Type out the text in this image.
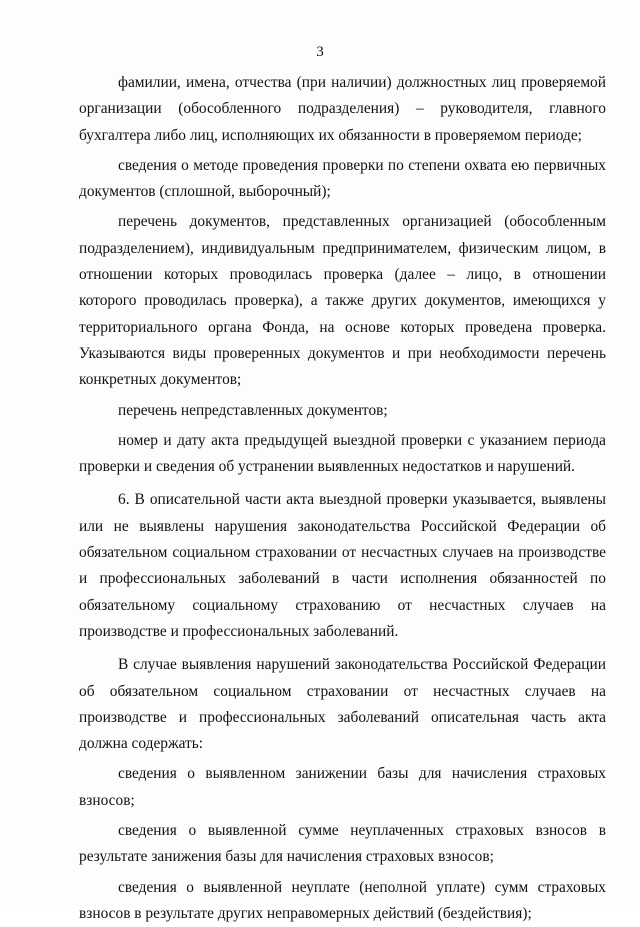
3

фамилии, имена, отчества (при наличии) должностных лиц проверяемой организации (обособленного подразделения) – руководителя, главного бухгалтера либо лиц, исполняющих их обязанности в проверяемом периоде;

сведения о методе проведения проверки по степени охвата ею первичных документов (сплошной, выборочный);

перечень документов, представленных организацией (обособленным подразделением), индивидуальным предпринимателем, физическим лицом, в отношении которых проводилась проверка (далее – лицо, в отношении которого проводилась проверка), а также других документов, имеющихся у территориального органа Фонда, на основе которых проведена проверка. Указываются виды проверенных документов и при необходимости перечень конкретных документов;

перечень непредставленных документов;

номер и дату акта предыдущей выездной проверки с указанием периода проверки и сведения об устранении выявленных недостатков и нарушений.

6. В описательной части акта выездной проверки указывается, выявлены или не выявлены нарушения законодательства Российской Федерации об обязательном социальном страховании от несчастных случаев на производстве и профессиональных заболеваний в части исполнения обязанностей по обязательному социальному страхованию от несчастных случаев на производстве и профессиональных заболеваний.

В случае выявления нарушений законодательства Российской Федерации об обязательном социальном страховании от несчастных случаев на производстве и профессиональных заболеваний описательная часть акта должна содержать:

сведения о выявленном занижении базы для начисления страховых взносов;

сведения о выявленной сумме неуплаченных страховых взносов в результате занижения базы для начисления страховых взносов;

сведения о выявленной неуплате (неполной уплате) сумм страховых взносов в результате других неправомерных действий (бездействия);
